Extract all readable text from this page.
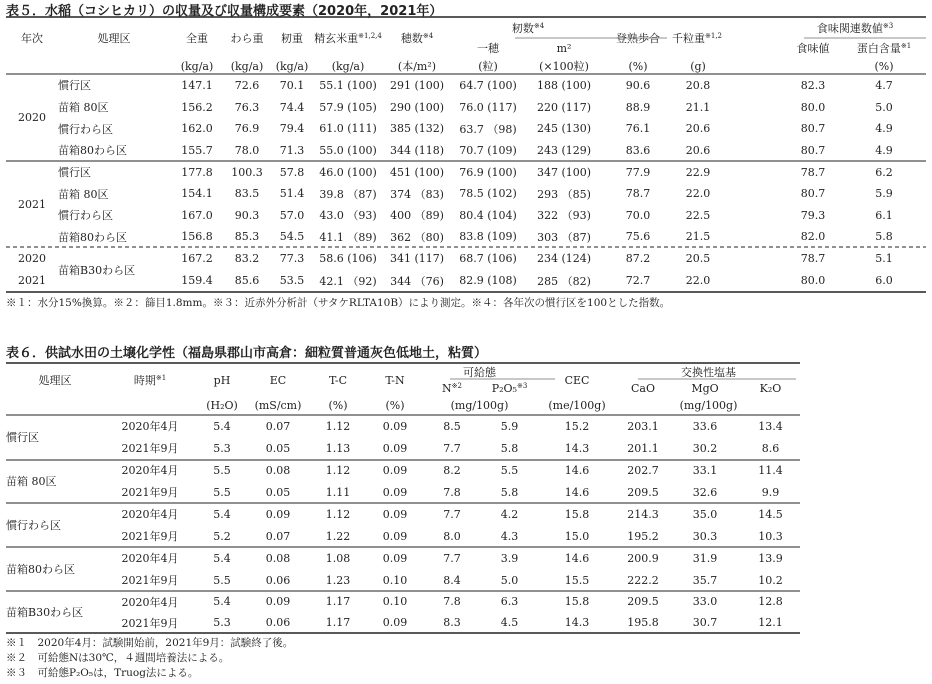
表５．水稲（コシヒカリ）の収量及び収量構成要素（2020年，2021年）
年次	処理区	全重	わら重	籾重	精玄米重$^{※1,2,4}$	穂数$^{※4}$	籾数$^{※4}$		登熟歩合	千粒重$^{※1,2}$		食味関連数値$^{※3}$
							一穂	m²				食味値	蛋白含量$^{※1}$
		(kg/a)	(kg/a)	(kg/a)	(kg/a)	(本/m²)	(粒)	(×100粒)	(%)	(g)			(%)
2020	慣行区	147.1	72.6	70.1	55.1 (100)	291 (100)	64.7 (100)	188 (100)	90.6	20.8		82.3	4.7
	苗箱 80区	156.2	76.3	74.4	57.9 (105)	290 (100)	76.0 (117)	220 (117)	88.9	21.1		80.0	5.0
	慣行わら区	162.0	76.9	79.4	61.0 (111)	385 (132)	63.7 （98)	245 (130)	76.1	20.6		80.7	4.9
	苗箱80わら区	155.7	78.0	71.3	55.0 (100)	344 (118)	70.7 (109)	243 (129)	83.6	20.6		80.7	4.9
2021	慣行区	177.8	100.3	57.8	46.0 (100)	451 (100)	76.9 (100)	347 (100)	77.9	22.9		78.7	6.2
	苗箱 80区	154.1	83.5	51.4	39.8 （87)	374 （83)	78.5 (102)	293 （85)	78.7	22.0		80.7	5.9
	慣行わら区	167.0	90.3	57.0	43.0 （93)	400 （89)	80.4 (104)	322 （93)	70.0	22.5		79.3	6.1
	苗箱80わら区	156.8	85.3	54.5	41.1 （89)	362 （80)	83.8 (109)	303 （87)	75.6	21.5		82.0	5.8
2020	苗箱B30わら区	167.2	83.2	77.3	58.6 (106)	341 (117)	68.7 (106)	234 (124)	87.2	20.5		78.7	5.1
2021		159.4	85.6	53.5	42.1 （92)	344 （76)	82.9 (108)	285 （82)	72.7	22.0		80.0	6.0
※１：水分15%換算。※２：篩目1.8mm。※３：近赤外分析計（サタケRLTA10B）により測定。※４：各年次の慣行区を100とした指数。
表６．供試水田の土壌化学性（福島県郡山市高倉：細粒質普通灰色低地土，粘質）
処理区	時期$^{※1}$	pH	EC	T-C	T-N	可給態		CEC	交換性塩基		
						$N^{※2}$	P₂O₅$^{※3}$		CaO	MgO	K₂O
		(H₂O)	(mS/cm)	(%)	(%)	(mg/100g)		(me/100g)	(mg/100g)		
慣行区	2020年4月	5.4	0.07	1.12	0.09	8.5	5.9	15.2	203.1	33.6	13.4
	2021年9月	5.3	0.05	1.13	0.09	7.7	5.8	14.3	201.1	30.2	8.6
苗箱 80区	2020年4月	5.5	0.08	1.12	0.09	8.2	5.5	14.6	202.7	33.1	11.4
	2021年9月	5.5	0.05	1.11	0.09	7.8	5.8	14.6	209.5	32.6	9.9
慣行わら区	2020年4月	5.4	0.09	1.12	0.09	7.7	4.2	15.8	214.3	35.0	14.5
	2021年9月	5.2	0.07	1.22	0.09	8.0	4.3	15.0	195.2	30.3	10.3
苗箱80わら区	2020年4月	5.4	0.08	1.08	0.09	7.7	3.9	14.6	200.9	31.9	13.9
	2021年9月	5.5	0.06	1.23	0.10	8.4	5.0	15.5	222.2	35.7	10.2
苗箱B30わら区	2020年4月	5.4	0.09	1.17	0.10	7.8	6.3	15.8	209.5	33.0	12.8
	2021年9月	5.3	0.06	1.17	0.09	8.3	4.5	14.3	195.8	30.7	12.1
※１　2020年4月：試験開始前，2021年9月：試験終了後。
※２　可給態Nは30℃，４週間培養法による。
※３　可給態P₂O₅は，Truog法による。
